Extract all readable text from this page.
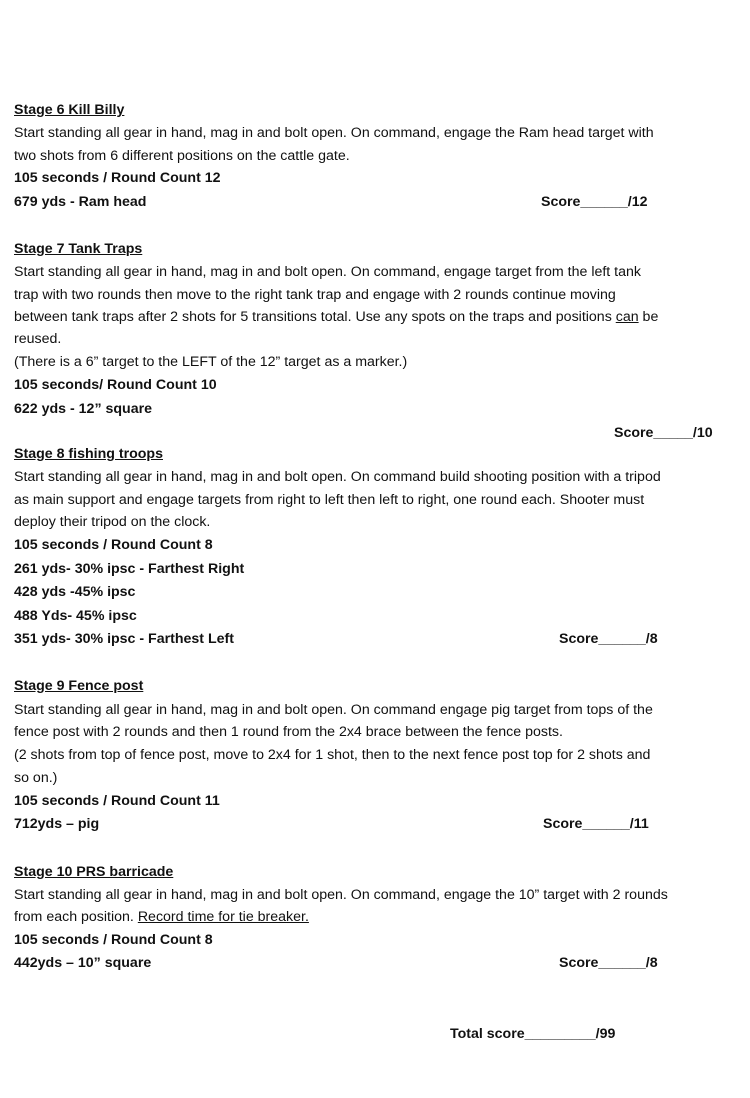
Stage 6 Kill Billy

Start standing all gear in hand, mag in and bolt open. On command, engage the Ram head target with

two shots from 6 different positions on the cattle gate.

105 seconds / Round Count 12

679 yds - Ram head	Score______/12

Stage 7 Tank Traps

Start standing all gear in hand, mag in and bolt open. On command, engage target from the left tank

trap with two rounds then move to the right tank trap and engage with 2 rounds continue moving

between tank traps after 2 shots for 5 transitions total. Use any spots on the traps and positions can be

reused.

(There is a 6” target to the LEFT of the 12” target as a marker.)

105 seconds/ Round Count 10

622 yds - 12” square

Score_____/10

Stage 8 fishing troops

Start standing all gear in hand, mag in and bolt open. On command build shooting position with a tripod

as main support and engage targets from right to left then left to right, one round each. Shooter must

deploy their tripod on the clock.

105 seconds / Round Count 8

261 yds- 30% ipsc - Farthest Right

428 yds -45% ipsc

488 Yds- 45% ipsc

351 yds- 30% ipsc - Farthest Left	Score______/8

Stage 9 Fence post

Start standing all gear in hand, mag in and bolt open. On command engage pig target from tops of the

fence post with 2 rounds and then 1 round from the 2x4 brace between the fence posts.

(2 shots from top of fence post, move to 2x4 for 1 shot, then to the next fence post top for 2 shots and

so on.)

105 seconds / Round Count 11

712yds – pig	Score______/11

Stage 10 PRS barricade

Start standing all gear in hand, mag in and bolt open. On command, engage the 10” target with 2 rounds

from each position. Record time for tie breaker.

105 seconds / Round Count 8

442yds – 10” square	Score______/8

Total score_________/99
